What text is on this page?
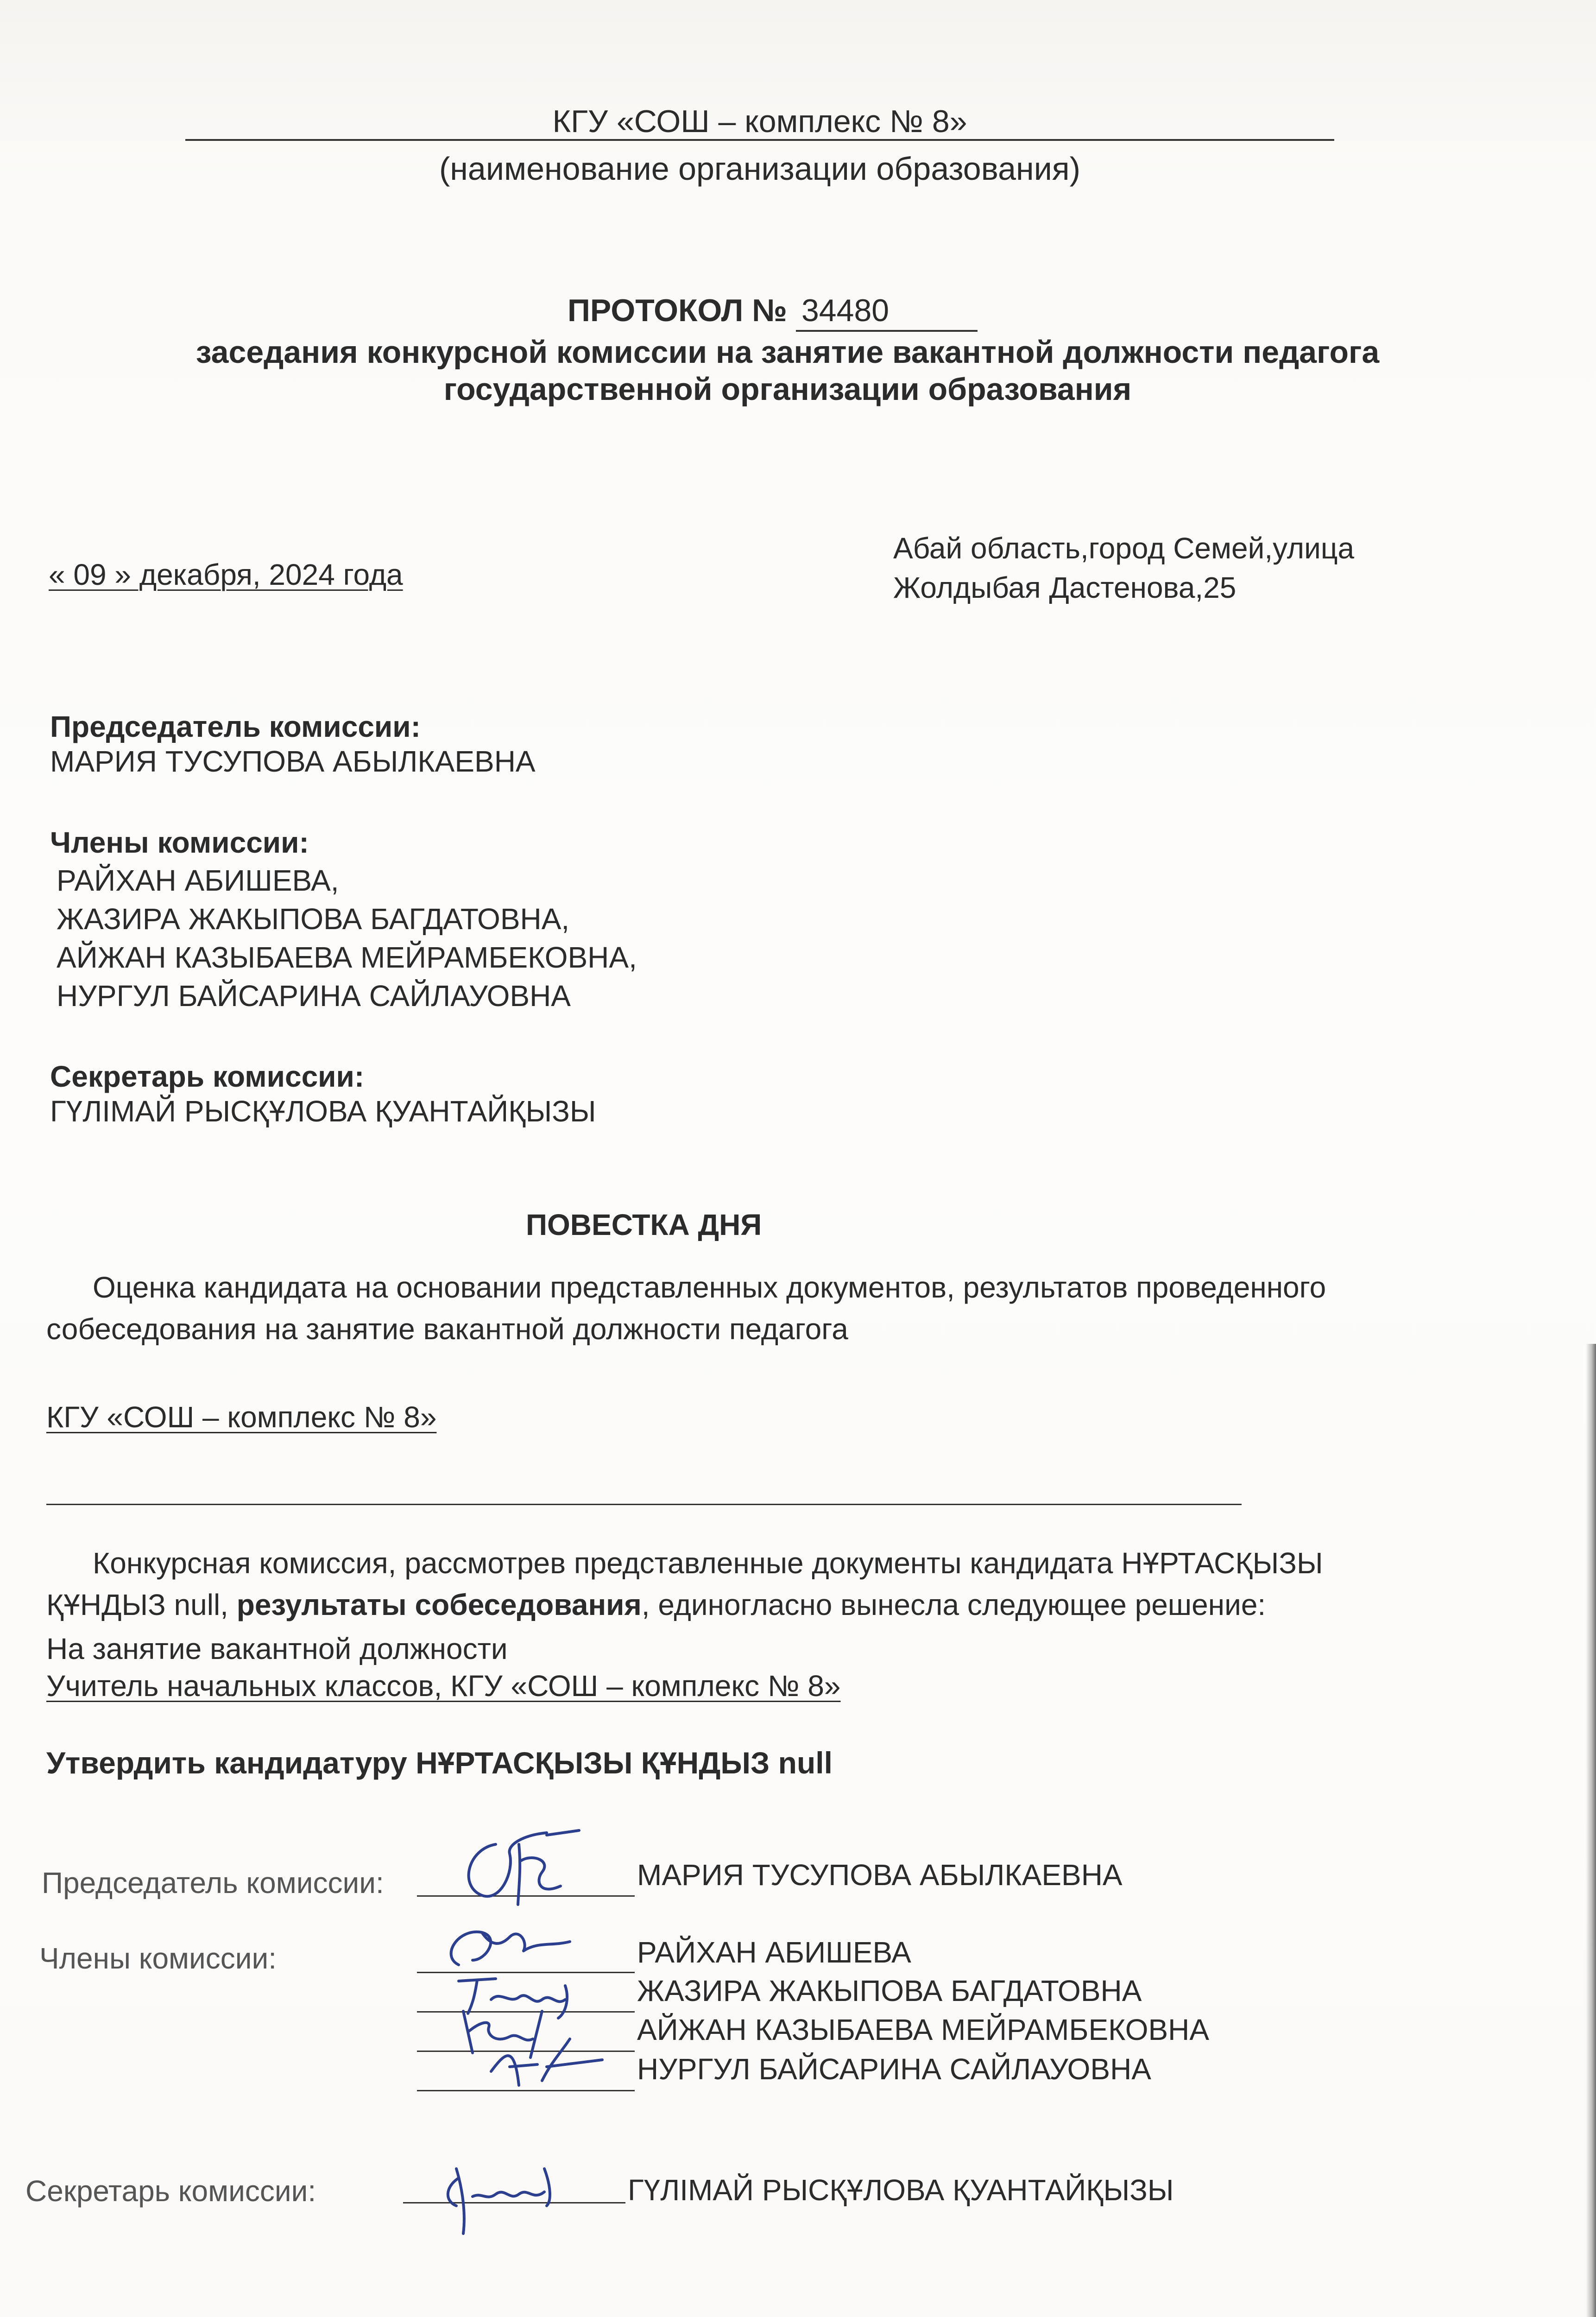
КГУ «СОШ – комплекс № 8»
(наименование организации образования)
ПРОТОКОЛ № 34480
заседания конкурсной комиссии на занятие вакантной должности педагога
государственной организации образования
« 09 » декабря, 2024 года
Абай область,город Семей,улица
Жолдыбая Дастенова,25
Председатель комиссии:
МАРИЯ ТУСУПОВА АБЫЛКАЕВНА
Члены комиссии:
РАЙХАН АБИШЕВА,
ЖАЗИРА ЖАКЫПОВА БАГДАТОВНА,
АЙЖАН КАЗЫБАЕВА МЕЙРАМБЕКОВНА,
НУРГУЛ БАЙСАРИНА САЙЛАУОВНА
Секретарь комиссии:
ГҮЛІМАЙ РЫСҚҰЛОВА ҚУАНТАЙҚЫЗЫ
ПОВЕСТКА ДНЯ
Оценка кандидата на основании представленных документов, результатов проведенного
собеседования на занятие вакантной должности педагога
КГУ «СОШ – комплекс № 8»
Конкурсная комиссия, рассмотрев представленные документы кандидата НҰРТАСҚЫЗЫ
ҚҰНДЫЗ null, результаты собеседования, единогласно вынесла следующее решение:
На занятие вакантной должности
Учитель начальных классов, КГУ «СОШ – комплекс № 8»
Утвердить кандидатуру НҰРТАСҚЫЗЫ ҚҰНДЫЗ null
Председатель комиссии:	МАРИЯ ТУСУПОВА АБЫЛКАЕВНА
Члены комиссии:	РАЙХАН АБИШЕВА
ЖАЗИРА ЖАКЫПОВА БАГДАТОВНА
АЙЖАН КАЗЫБАЕВА МЕЙРАМБЕКОВНА
НУРГУЛ БАЙСАРИНА САЙЛАУОВНА
Секретарь комиссии:	ГҮЛІМАЙ РЫСҚҰЛОВА ҚУАНТАЙҚЫЗЫ
